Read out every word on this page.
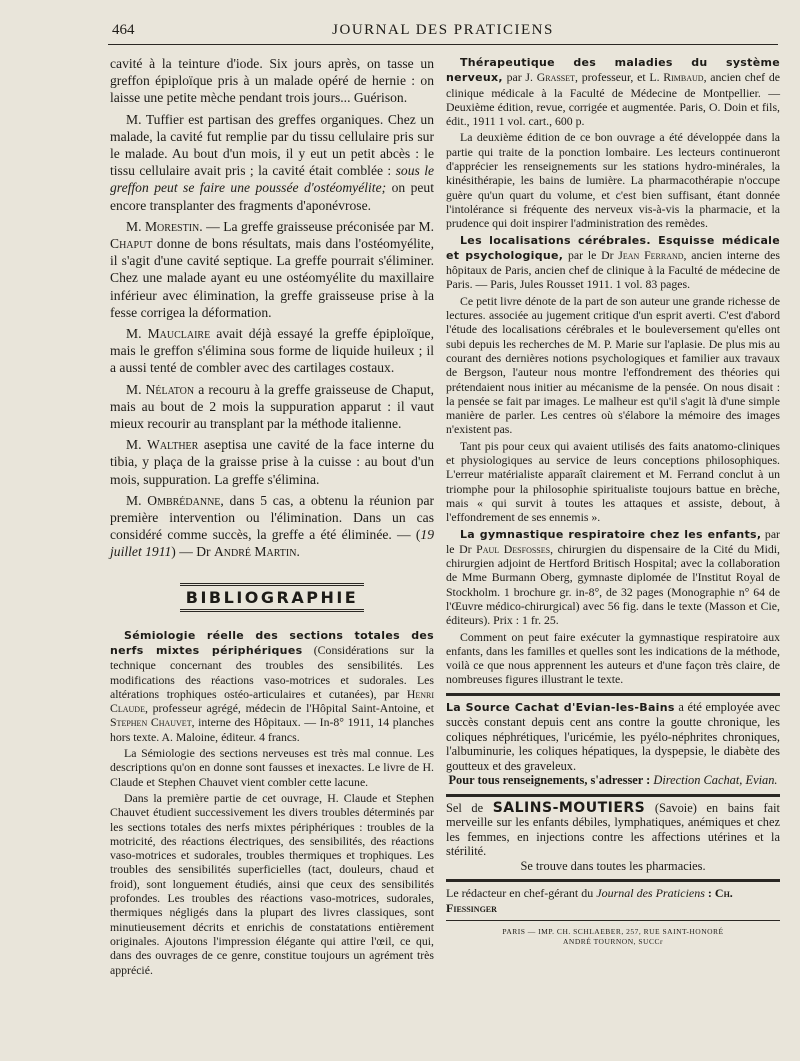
464	JOURNAL DES PRATICIENS

cavité à la teinture d'iode. Six jours après, on tasse un greffon épiploïque pris à un malade opéré de hernie : on laisse une petite mèche pendant trois jours... Guérison.

M. Tuffier est partisan des greffes organiques. Chez un malade, la cavité fut remplie par du tissu cellulaire pris sur le malade. Au bout d'un mois, il y eut un petit abcès : le tissu cellulaire avait pris ; la cavité était comblée : sous le greffon peut se faire une poussée d'ostéomyélite; on peut encore transplanter des fragments d'aponévrose.

M. Morestin. — La greffe graisseuse préconisée par M. Chaput donne de bons résultats, mais dans l'ostéomyélite, il s'agit d'une cavité septique. La greffe pourrait s'éliminer. Chez une malade ayant eu une ostéomyélite du maxillaire inférieur avec élimination, la greffe graisseuse prise à la fesse corrigea la déformation.

M. Mauclaire avait déjà essayé la greffe épiploïque, mais le greffon s'élimina sous forme de liquide huileux ; il a aussi tenté de combler avec des cartilages costaux.

M. Nélaton a recouru à la greffe graisseuse de Chaput, mais au bout de 2 mois la suppuration apparut : il vaut mieux recourir au transplant par la méthode italienne.

M. Walther aseptisa une cavité de la face interne du tibia, y plaça de la graisse prise à la cuisse : au bout d'un mois, suppuration. La greffe s'élimina.

M. Ombrédanne, dans 5 cas, a obtenu la réunion par première intervention ou l'élimination. Dans un cas considéré comme succès, la greffe a été éliminée. — (19 juillet 1911) — Dr André Martin.

BIBLIOGRAPHIE

Sémiologie réelle des sections totales des nerfs mixtes périphériques (Considérations sur la technique concernant des troubles des sensibilités. Les modifications des réactions vaso-motrices et sudorales. Les altérations trophiques ostéo-articulaires et cutanées), par Henri Claude, professeur agrégé, médecin de l'Hôpital Saint-Antoine, et Stephen Chauvet, interne des Hôpitaux. — In-8° 1911, 14 planches hors texte. A. Maloine, éditeur. 4 francs.

La Sémiologie des sections nerveuses est très mal connue. Les descriptions qu'on en donne sont fausses et inexactes. Le livre de H. Claude et Stephen Chauvet vient combler cette lacune.

Dans la première partie de cet ouvrage, H. Claude et Stephen Chauvet étudient successivement les divers troubles déterminés par les sections totales des nerfs mixtes périphériques : troubles de la motricité, des réactions électriques, des sensibilités, des réactions vaso-motrices et sudorales, troubles thermiques et trophiques. Les troubles des sensibilités superficielles (tact, douleurs, chaud et froid), sont longuement étudiés, ainsi que ceux des sensibilités profondes. Les troubles des réactions vaso-motrices, sudorales, thermiques négligés dans la plupart des livres classiques, sont minutieusement décrits et enrichis de constatations entièrement originales. Ajoutons l'impression élégante qui attire l'œil, ce qui, dans des ouvrages de ce genre, constitue toujours un agrément très apprécié.

Thérapeutique des maladies du système nerveux, par J. Grasset, professeur, et L. Rimbaud, ancien chef de clinique médicale à la Faculté de Médecine de Montpellier. — Deuxième édition, revue, corrigée et augmentée. Paris, O. Doin et fils, édit., 1911 1 vol. cart., 600 p.

La deuxième édition de ce bon ouvrage a été développée dans la partie qui traite de la ponction lombaire. Les lecteurs continueront d'apprécier les renseignements sur les stations hydro-minérales, la kinésithérapie, les bains de lumière. La pharmacothérapie n'occupe guère qu'un quart du volume, et c'est bien suffisant, étant donnée l'intolérance si fréquente des nerveux vis-à-vis la pharmacie, et la prudence qui doit inspirer l'administration des remèdes.

Les localisations cérébrales. Esquisse médicale et psychologique, par le Dr Jean Ferrand, ancien interne des hôpitaux de Paris, ancien chef de clinique à la Faculté de médecine de Paris. — Paris, Jules Rousset 1911. 1 vol. 83 pages.

Ce petit livre dénote de la part de son auteur une grande richesse de lectures. associée au jugement critique d'un esprit averti. C'est d'abord l'étude des localisations cérébrales et le bouleversement qu'elles ont subi depuis les recherches de M. P. Marie sur l'aplasie. De plus mis au courant des dernières notions psychologiques et familier aux travaux de Bergson, l'auteur nous montre l'effondrement des théories qui prétendaient nous initier au mécanisme de la pensée. On nous disait : la pensée se fait par images. Le malheur est qu'il s'agit là d'une simple manière de parler. Les centres où s'élabore la mémoire des images n'existent pas.

Tant pis pour ceux qui avaient utilisés des faits anatomo-cliniques et physiologiques au service de leurs conceptions philosophiques. L'erreur matérialiste apparaît clairement et M. Ferrand conclut à un triomphe pour la philosophie spiritualiste toujours battue en brèche, mais « qui survit à toutes les attaques et assiste, debout, à l'effondrement de ses ennemis ».

La gymnastique respiratoire chez les enfants, par le Dr Paul Desfosses, chirurgien du dispensaire de la Cité du Midi, chirurgien adjoint de Hertford Britisch Hospital; avec la collaboration de Mme Burmann Oberg, gymnaste diplomée de l'Institut Royal de Stockholm. 1 brochure gr. in-8°, de 32 pages (Monographie n° 64 de l'Œuvre médico-chirurgical) avec 56 fig. dans le texte (Masson et Cie, éditeurs). Prix : 1 fr. 25.

Comment on peut faire exécuter la gymnastique respiratoire aux enfants, dans les familles et quelles sont les indications de la méthode, voilà ce que nous apprennent les auteurs et d'une façon très claire, de nombreuses figures illustrant le texte.

La Source Cachat d'Evian-les-Bains a été employée avec succès constant depuis cent ans contre la goutte chronique, les coliques néphrétiques, l'uricémie, les pyélo-néphrites chroniques, l'albuminurie, les coliques hépatiques, la dyspepsie, le diabète des goutteux et des graveleux.

Pour tous renseignements, s'adresser : Direction Cachat, Evian.

Sel de SALINS-MOUTIERS (Savoie) en bains fait merveille sur les enfants débiles, lymphatiques, anémiques et chez les femmes, en injections contre les affections utérines et la stérilité.

Se trouve dans toutes les pharmacies.

Le rédacteur en chef-gérant du Journal des Praticiens : Ch. Fiessinger
PARIS — IMP. CH. SCHLAEBER, 257, RUE SAINT-HONORÉ
ANDRÉ TOURNON, SUCCr
